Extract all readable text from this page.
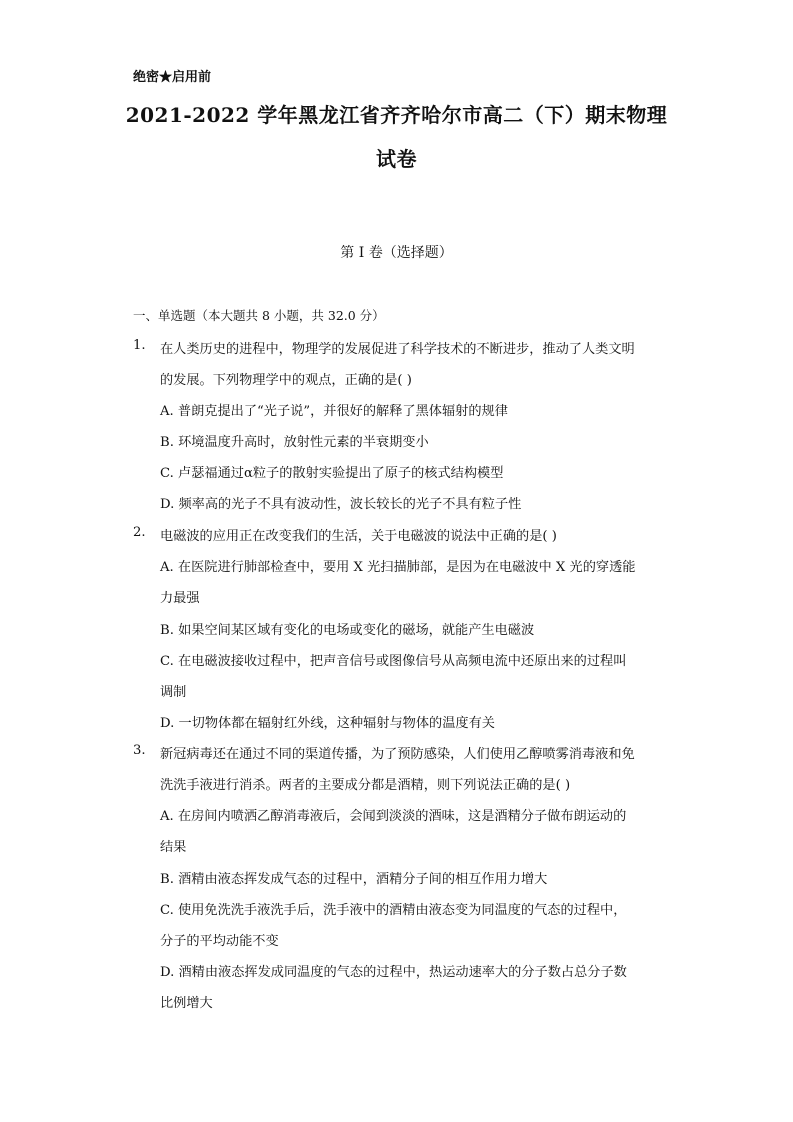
绝密★启用前
2021-2022 学年黑龙江省齐齐哈尔市高二（下）期末物理
试卷
第 I 卷（选择题）
一、单选题（本大题共 8 小题，共 32.0 分）
1. 在人类历史的进程中，物理学的发展促进了科学技术的不断进步，推动了人类文明
的发展。下列物理学中的观点，正确的是( )
A. 普朗克提出了“光子说”，并很好的解释了黑体辐射的规律
B. 环境温度升高时，放射性元素的半衰期变小
C. 卢瑟福通过α粒子的散射实验提出了原子的核式结构模型
D. 频率高的光子不具有波动性，波长较长的光子不具有粒子性
2. 电磁波的应用正在改变我们的生活，关于电磁波的说法中正确的是( )
A. 在医院进行肺部检查中，要用 X 光扫描肺部，是因为在电磁波中 X 光的穿透能
力最强
B. 如果空间某区域有变化的电场或变化的磁场，就能产生电磁波
C. 在电磁波接收过程中，把声音信号或图像信号从高频电流中还原出来的过程叫
调制
D. 一切物体都在辐射红外线，这种辐射与物体的温度有关
3. 新冠病毒还在通过不同的渠道传播，为了预防感染，人们使用乙醇喷雾消毒液和免
洗洗手液进行消杀。两者的主要成分都是酒精，则下列说法正确的是( )
A. 在房间内喷洒乙醇消毒液后，会闻到淡淡的酒味，这是酒精分子做布朗运动的
结果
B. 酒精由液态挥发成气态的过程中，酒精分子间的相互作用力增大
C. 使用免洗洗手液洗手后，洗手液中的酒精由液态变为同温度的气态的过程中，
分子的平均动能不变
D. 酒精由液态挥发成同温度的气态的过程中，热运动速率大的分子数占总分子数
比例增大
